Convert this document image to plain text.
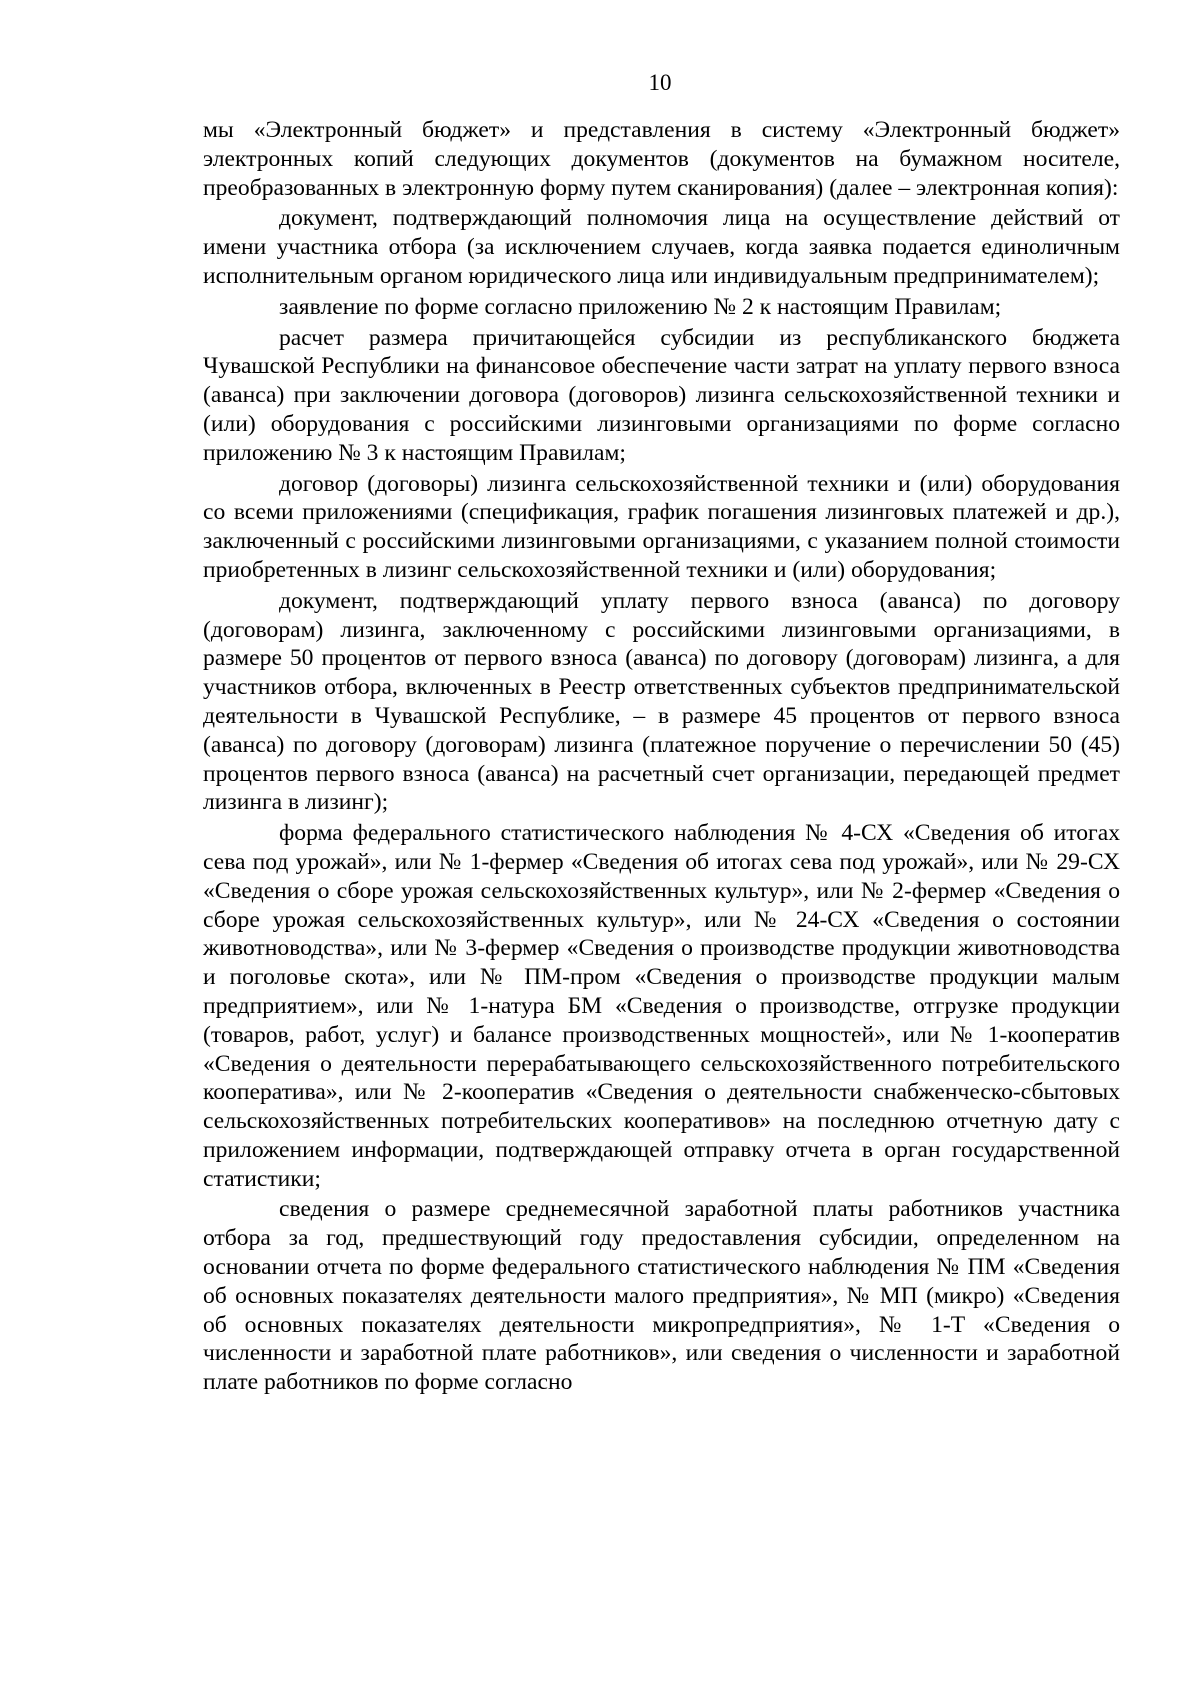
10

мы «Электронный бюджет» и представления в систему «Электронный бюджет» электронных копий следующих документов (документов на бумажном носителе, преобразованных в электронную форму путем сканирования) (далее – электронная копия):

документ, подтверждающий полномочия лица на осуществление действий от имени участника отбора (за исключением случаев, когда заявка подается единоличным исполнительным органом юридического лица или индивидуальным предпринимателем);

заявление по форме согласно приложению № 2 к настоящим Правилам;

расчет размера причитающейся субсидии из республиканского бюджета Чувашской Республики на финансовое обеспечение части затрат на уплату первого взноса (аванса) при заключении договора (договоров) лизинга сельскохозяйственной техники и (или) оборудования с российскими лизинговыми организациями по форме согласно приложению № 3 к настоящим Правилам;

договор (договоры) лизинга сельскохозяйственной техники и (или) оборудования со всеми приложениями (спецификация, график погашения лизинговых платежей и др.), заключенный с российскими лизинговыми организациями, с указанием полной стоимости приобретенных в лизинг сельскохозяйственной техники и (или) оборудования;

документ, подтверждающий уплату первого взноса (аванса) по договору (договорам) лизинга, заключенному с российскими лизинговыми организациями, в размере 50 процентов от первого взноса (аванса) по договору (договорам) лизинга, а для участников отбора, включенных в Реестр ответственных субъектов предпринимательской деятельности в Чувашской Республике, – в размере 45 процентов от первого взноса (аванса) по договору (договорам) лизинга (платежное поручение о перечислении 50 (45) процентов первого взноса (аванса) на расчетный счет организации, передающей предмет лизинга в лизинг);

форма федерального статистического наблюдения № 4-СХ «Сведения об итогах сева под урожай», или № 1-фермер «Сведения об итогах сева под урожай», или № 29-СХ «Сведения о сборе урожая сельскохозяйственных культур», или № 2-фермер «Сведения о сборе урожая сельскохозяйственных культур», или № 24-СХ «Сведения о состоянии животноводства», или № 3-фермер «Сведения о производстве продукции животноводства и поголовье скота», или № ПМ-пром «Сведения о производстве продукции малым предприятием», или № 1-натура БМ «Сведения о производстве, отгрузке продукции (товаров, работ, услуг) и балансе производственных мощностей», или № 1-кооператив «Сведения о деятельности перерабатывающего сельскохозяйственного потребительского кооператива», или № 2-кооператив «Сведения о деятельности снабженческо-сбытовых сельскохозяйственных потребительских кооперативов» на последнюю отчетную дату с приложением информации, подтверждающей отправку отчета в орган государственной статистики;

сведения о размере среднемесячной заработной платы работников участника отбора за год, предшествующий году предоставления субсидии, определенном на основании отчета по форме федерального статистического наблюдения № ПМ «Сведения об основных показателях деятельности малого предприятия», № МП (микро) «Сведения об основных показателях деятельности микропредприятия», № 1-Т «Сведения о численности и заработной плате работников», или сведения о численности и заработной плате работников по форме согласно
